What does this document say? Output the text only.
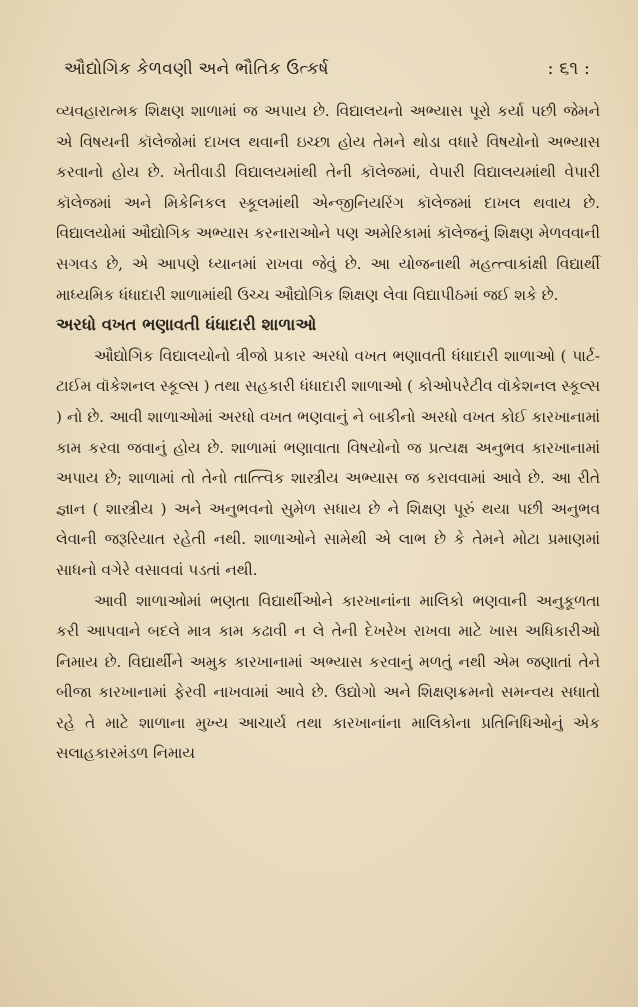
ઔદ્યોગિક કેળવણી અને ભૌતિક ઉત્કર્ષ	: ૬૧ :

વ્યવહારાત્મક શિક્ષણ શાળામાં જ અપાય છે. વિદ્યાલયનો અભ્યાસ પૂરો કર્યા પછી જેમને એ વિષયની કૉલેજોમાં દાખલ થવાની ઇચ્છા હોય તેમને થોડા વધારે વિષયોનો અભ્યાસ કરવાનો હોય છે. ખેતીવાડી વિદ્યાલયમાંથી તેની કૉલેજમાં, વેપારી વિદ્યાલયમાંથી વેપારી કૉલેજમાં અને મિકેનિકલ સ્કૂલમાંથી એન્જીનિયરિંગ કૉલેજમાં દાખલ થવાય છે. વિદ્યાલયોમાં ઔદ્યોગિક અભ્યાસ કરનારાઓને પણ અમેરિકામાં કૉલેજનું શિક્ષણ મેળવવાની સગવડ છે, એ આપણે ધ્યાનમાં રાખવા જેવું છે. આ યોજનાથી મહત્ત્વાકાંક્ષી વિદ્યાર્થી માધ્યમિક ધંધાદારી શાળામાંથી ઉચ્ચ ઔદ્યોગિક શિક્ષણ લેવા વિદ્યાપીઠમાં જઈ શકે છે.

અરધો વખત ભણાવતી ધંધાદારી શાળાઓ

ઔદ્યોગિક વિદ્યાલયોનો ત્રીજો પ્રકાર અરધો વખત ભણાવતી ધંધાદારી શાળાઓ ( પાર્ટ-ટાઈમ વૉકેશનલ સ્કૂલ્સ ) તથા સહકારી ધંધાદારી શાળાઓ ( કોઓપરેટીવ વૉકેશનલ સ્કૂલ્સ ) નો છે. આવી શાળાઓમાં અરધો વખત ભણવાનું ને બાકીનો અરધો વખત કોઈ કારખાનામાં કામ કરવા જવાનું હોય છે. શાળામાં ભણાવાતા વિષયોનો જ પ્રત્યક્ષ અનુભવ કારખાનામાં અપાય છે; શાળામાં તો તેનો તાત્ત્વિક શાસ્ત્રીય અભ્યાસ જ કરાવવામાં આવે છે. આ રીતે જ્ઞાન ( શાસ્ત્રીય ) અને અનુભવનો સુમેળ સધાય છે ને શિક્ષણ પૂરું થયા પછી અનુભવ લેવાની જરૂરિયાત રહેતી નથી. શાળાઓને સામેથી એ લાભ છે કે તેમને મોટા પ્રમાણમાં સાધનો વગેરે વસાવવાં પડતાં નથી.

આવી શાળાઓમાં ભણતા વિદ્યાર્થીઓને કારખાનાંના માલિકો ભણવાની અનુકૂળતા કરી આપવાને બદલે માત્ર કામ કઢાવી ન લે તેની દેખરેખ રાખવા માટે ખાસ અધિકારીઓ નિમાય છે. વિદ્યાર્થીને અમુક કારખાનામાં અભ્યાસ કરવાનું મળતું નથી એમ જણાતાં તેને બીજા કારખાનામાં ફેરવી નાખવામાં આવે છે. ઉદ્યોગો અને શિક્ષણક્રમનો સમન્વય સધાતો રહે તે માટે શાળાના મુખ્ય આચાર્ય તથા કારખાનાંના માલિકોના પ્રતિનિધિઓનું એક સલાહકારમંડળ નિમાય
